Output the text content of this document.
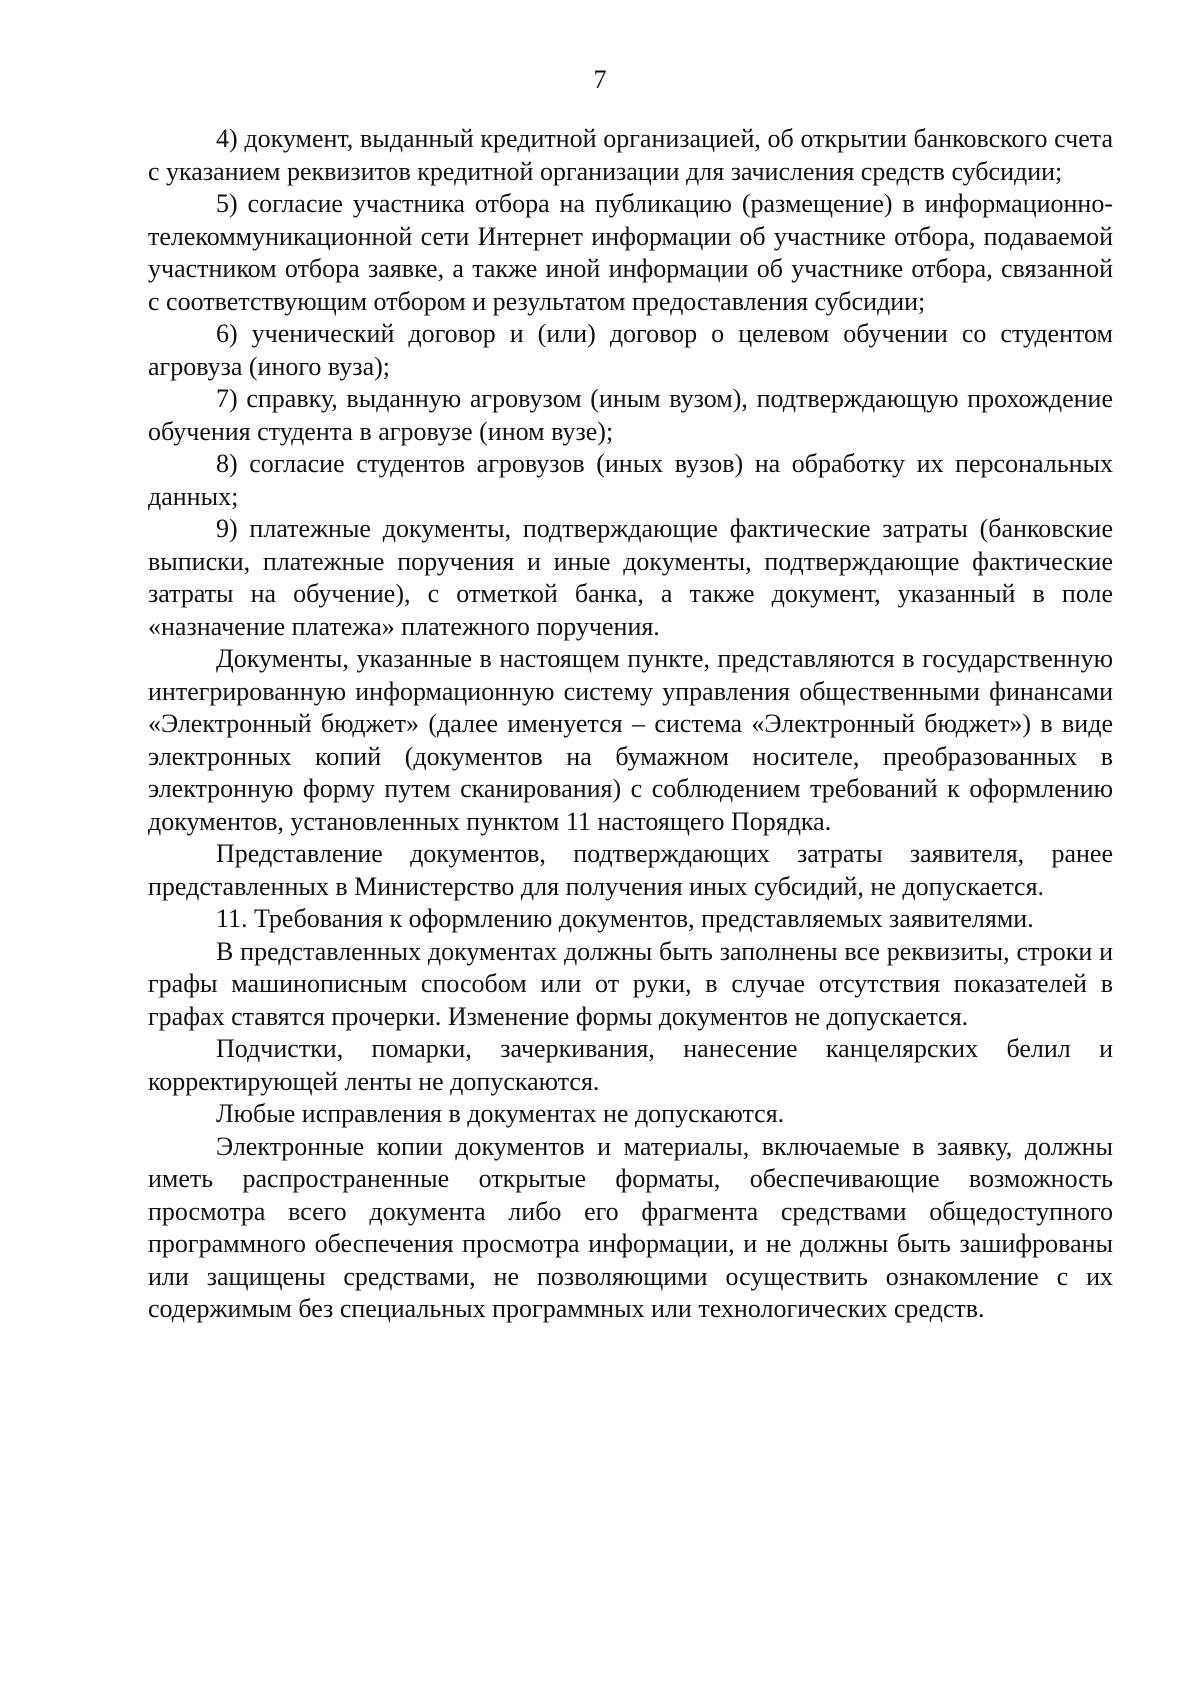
7

4) документ, выданный кредитной организацией, об открытии банковского счета с указанием реквизитов кредитной организации для зачисления средств субсидии;

5) согласие участника отбора на публикацию (размещение) в информационно-телекоммуникационной сети Интернет информации об участнике отбора, подаваемой участником отбора заявке, а также иной информации об участнике отбора, связанной с соответствующим отбором и результатом предоставления субсидии;

6) ученический договор и (или) договор о целевом обучении со студентом агровуза (иного вуза);

7) справку, выданную агровузом (иным вузом), подтверждающую прохождение обучения студента в агровузе (ином вузе);

8) согласие студентов агровузов (иных вузов) на обработку их персональных данных;

9) платежные документы, подтверждающие фактические затраты (банковские выписки, платежные поручения и иные документы, подтверждающие фактические затраты на обучение), с отметкой банка, а также документ, указанный в поле «назначение платежа» платежного поручения.

Документы, указанные в настоящем пункте, представляются в государственную интегрированную информационную систему управления общественными финансами «Электронный бюджет» (далее именуется – система «Электронный бюджет») в виде электронных копий (документов на бумажном носителе, преобразованных в электронную форму путем сканирования) с соблюдением требований к оформлению документов, установленных пунктом 11 настоящего Порядка.

Представление документов, подтверждающих затраты заявителя, ранее представленных в Министерство для получения иных субсидий, не допускается.

11. Требования к оформлению документов, представляемых заявителями.

В представленных документах должны быть заполнены все реквизиты, строки и графы машинописным способом или от руки, в случае отсутствия показателей в графах ставятся прочерки. Изменение формы документов не допускается.

Подчистки, помарки, зачеркивания, нанесение канцелярских белил и корректирующей ленты не допускаются.

Любые исправления в документах не допускаются.

Электронные копии документов и материалы, включаемые в заявку, должны иметь распространенные открытые форматы, обеспечивающие возможность просмотра всего документа либо его фрагмента средствами общедоступного программного обеспечения просмотра информации, и не должны быть зашифрованы или защищены средствами, не позволяющими осуществить ознакомление с их содержимым без специальных программных или технологических средств.
